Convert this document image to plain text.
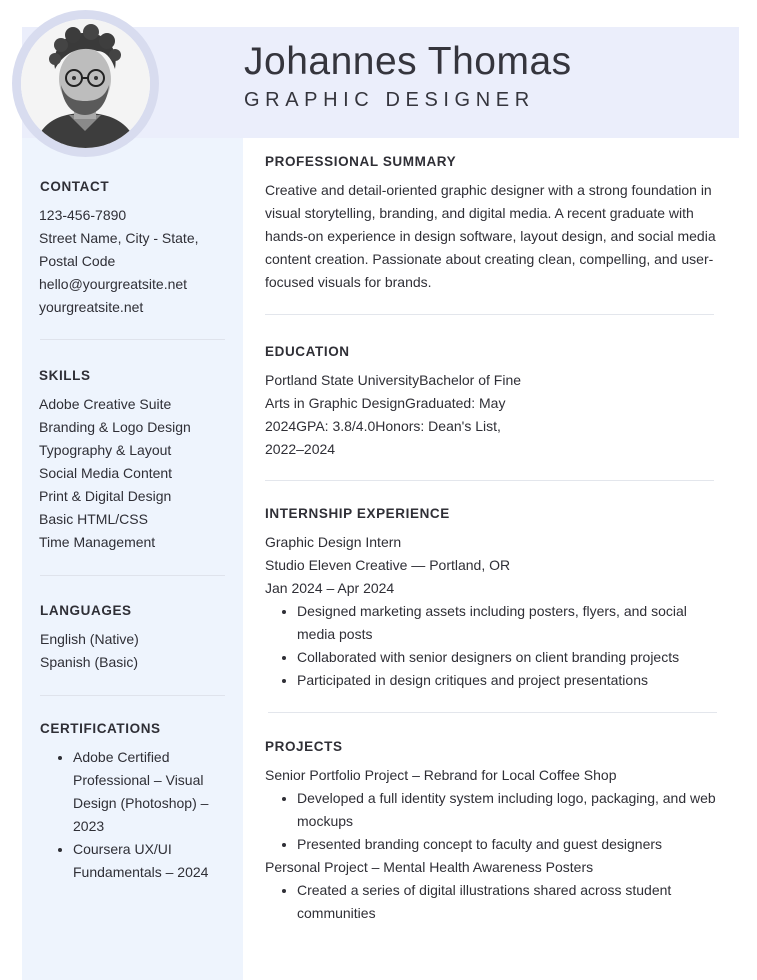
Johannes Thomas

GRAPHIC DESIGNER

CONTACT
123-456-7890
Street Name, City - State,
Postal Code
hello@yourgreatsite.net
yourgreatsite.net
SKILLS
Adobe Creative Suite
Branding & Logo Design
Typography & Layout
Social Media Content
Print & Digital Design
Basic HTML/CSS
Time Management
LANGUAGES
English (Native)
Spanish (Basic)
CERTIFICATIONS
• Adobe Certified Professional – Visual Design (Photoshop) – 2023
• Coursera UX/UI Fundamentals – 2024
PROFESSIONAL SUMMARY

Creative and detail-oriented graphic designer with a strong foundation in visual storytelling, branding, and digital media. A recent graduate with hands-on experience in design software, layout design, and social media content creation. Passionate about creating clean, compelling, and user-focused visuals for brands.

EDUCATION
Portland State UniversityBachelor of Fine
Arts in Graphic DesignGraduated: May
2024GPA: 3.8/4.0Honors: Dean's List,
2022–2024
INTERNSHIP EXPERIENCE
Graphic Design Intern
Studio Eleven Creative — Portland, OR
Jan 2024 – Apr 2024
• Designed marketing assets including posters, flyers, and social media posts
• Collaborated with senior designers on client branding projects
• Participated in design critiques and project presentations
PROJECTS
Senior Portfolio Project – Rebrand for Local Coffee Shop
• Developed a full identity system including logo, packaging, and web mockups
• Presented branding concept to faculty and guest designers
Personal Project – Mental Health Awareness Posters
• Created a series of digital illustrations shared across student communities
